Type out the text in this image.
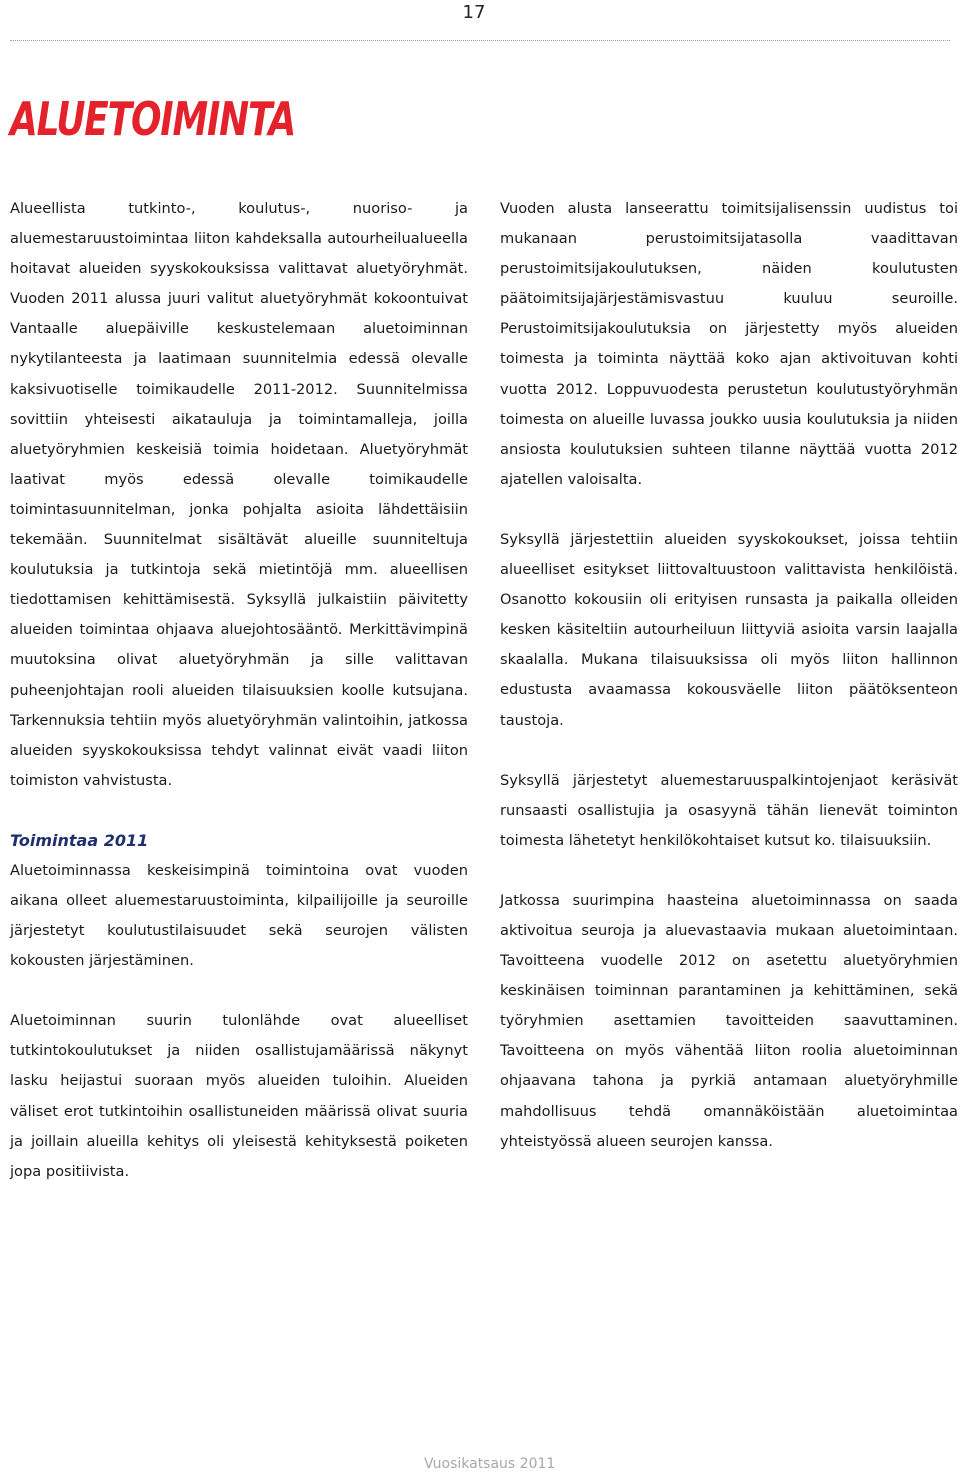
17
ALUETOIMINTA

Alueellista tutkinto-, koulutus-, nuoriso- ja aluemestaruustoimintaa liiton kahdeksalla autourheilualueella hoitavat alueiden syyskokouksissa valittavat aluetyöryhmät. Vuoden 2011 alussa juuri valitut aluetyöryhmät kokoontuivat Vantaalle aluepäiville keskustelemaan aluetoiminnan nykytilanteesta ja laatimaan suunnitelmia edessä olevalle kaksivuotiselle toimikaudelle 2011-2012. Suunnitelmissa sovittiin yhteisesti aikatauluja ja toimintamalleja, joilla aluetyöryhmien keskeisiä toimia hoidetaan. Aluetyöryhmät laativat myös edessä olevalle toimikaudelle toimintasuunnitelman, jonka pohjalta asioita lähdettäisiin tekemään. Suunnitelmat sisältävät alueille suunniteltuja koulutuksia ja tutkintoja sekä mietintöjä mm. alueellisen tiedottamisen kehittämisestä. Syksyllä julkaistiin päivitetty alueiden toimintaa ohjaava aluejohtosääntö. Merkittävimpinä muutoksina olivat aluetyöryhmän ja sille valittavan puheenjohtajan rooli alueiden tilaisuuksien koolle kutsujana. Tarkennuksia tehtiin myös aluetyöryhmän valintoihin, jatkossa alueiden syyskokouksissa tehdyt valinnat eivät vaadi liiton toimiston vahvistusta.

Toimintaa 2011

Aluetoiminnassa keskeisimpinä toimintoina ovat vuoden aikana olleet aluemestaruustoiminta, kilpailijoille ja seuroille järjestetyt koulutustilaisuudet sekä seurojen välisten kokousten järjestäminen.

Aluetoiminnan suurin tulonlähde ovat alueelliset tutkintokoulutukset ja niiden osallistujamäärissä näkynyt lasku heijastui suoraan myös alueiden tuloihin. Alueiden väliset erot tutkintoihin osallistuneiden määrissä olivat suuria ja joillain alueilla kehitys oli yleisestä kehityksestä poiketen jopa positiivista.

Vuoden alusta lanseerattu toimitsijalisenssin uudistus toi mukanaan perustoimitsijatasolla vaadittavan perustoimitsijakoulutuksen, näiden koulutusten päätoimitsijajärjestämisvastuu kuuluu seuroille. Perustoimitsijakoulutuksia on järjestetty myös alueiden toimesta ja toiminta näyttää koko ajan aktivoituvan kohti vuotta 2012. Loppuvuodesta perustetun koulutustyöryhmän toimesta on alueille luvassa joukko uusia koulutuksia ja niiden ansiosta koulutuksien suhteen tilanne näyttää vuotta 2012 ajatellen valoisalta.

Syksyllä järjestettiin alueiden syyskokoukset, joissa tehtiin alueelliset esitykset liittovaltuustoon valittavista henkilöistä. Osanotto kokousiin oli erityisen runsasta ja paikalla olleiden kesken käsiteltiin autourheiluun liittyviä asioita varsin laajalla skaalalla. Mukana tilaisuuksissa oli myös liiton hallinnon edustusta avaamassa kokousväelle liiton päätöksenteon taustoja.

Syksyllä järjestetyt aluemestaruuspalkintojenjaot keräsivät runsaasti osallistujia ja osasyynä tähän lienevät toiminton toimesta lähetetyt henkilökohtaiset kutsut ko. tilaisuuksiin.

Jatkossa suurimpina haasteina aluetoiminnassa on saada aktivoitua seuroja ja aluevastaavia mukaan aluetoimintaan. Tavoitteena vuodelle 2012 on asetettu aluetyöryhmien keskinäisen toiminnan parantaminen ja kehittäminen, sekä työryhmien asettamien tavoitteiden saavuttaminen. Tavoitteena on myös vähentää liiton roolia aluetoiminnan ohjaavana tahona ja pyrkiä antamaan aluetyöryhmille mahdollisuus tehdä omannäköistään aluetoimintaa yhteistyössä alueen seurojen kanssa.

Vuosikatsaus 2011
